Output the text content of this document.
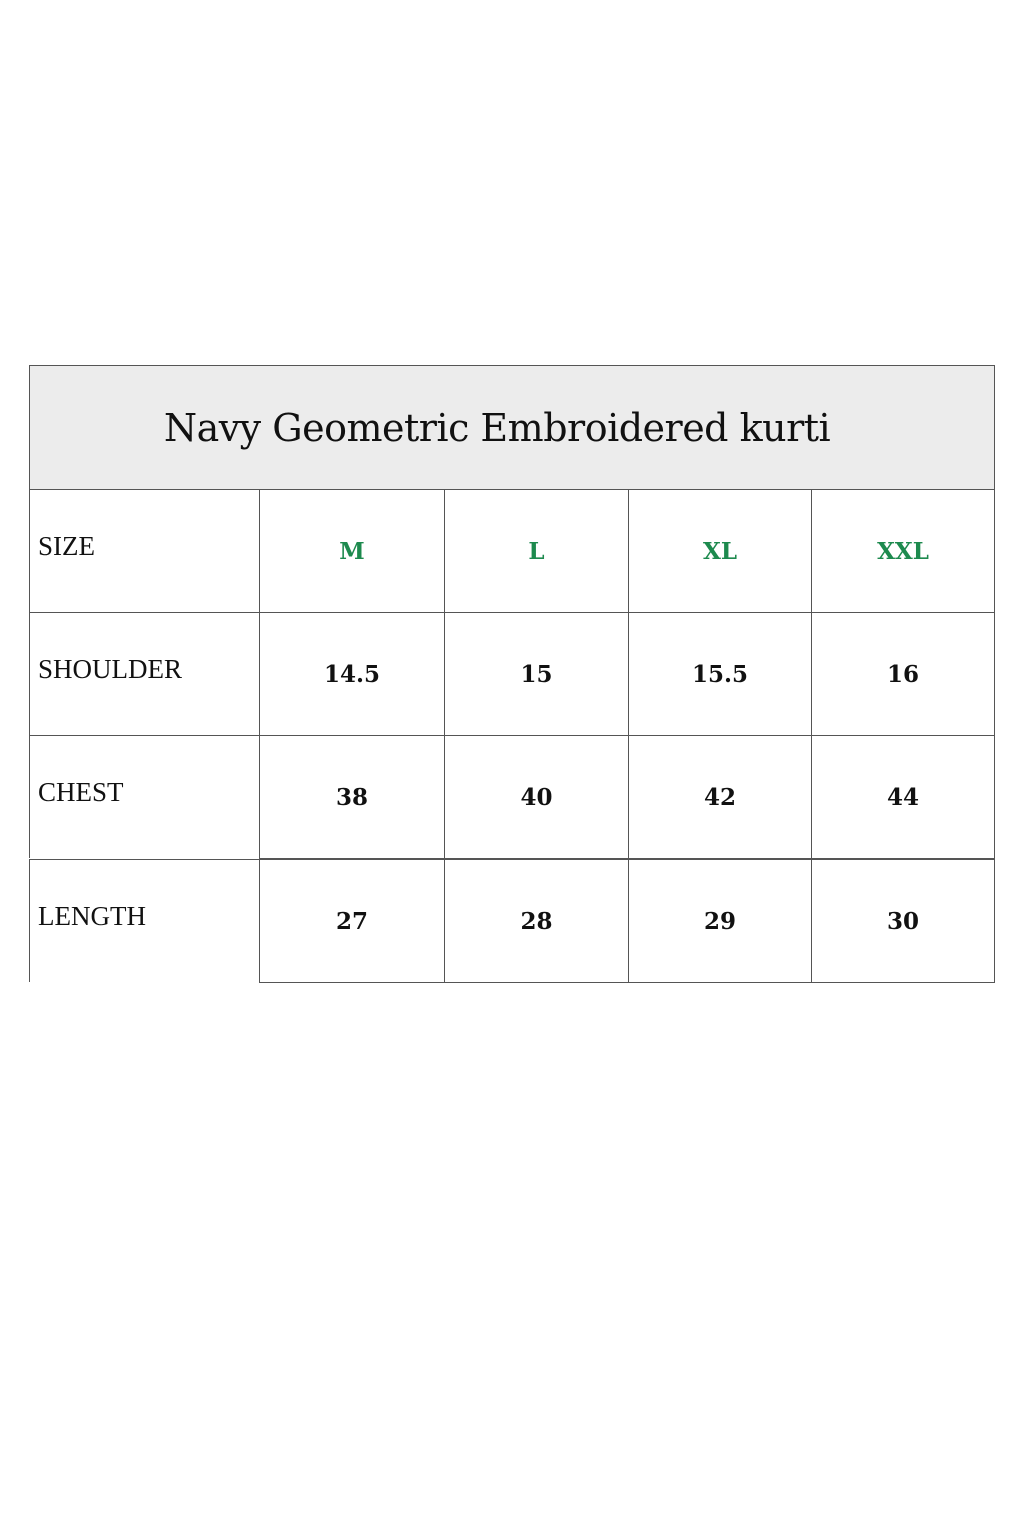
Navy Geometric Embroidered kurti
SIZE	M	L	XL	XXL
SHOULDER	14.5	15	15.5	16
CHEST	38	40	42	44
LENGTH	27	28	29	30
